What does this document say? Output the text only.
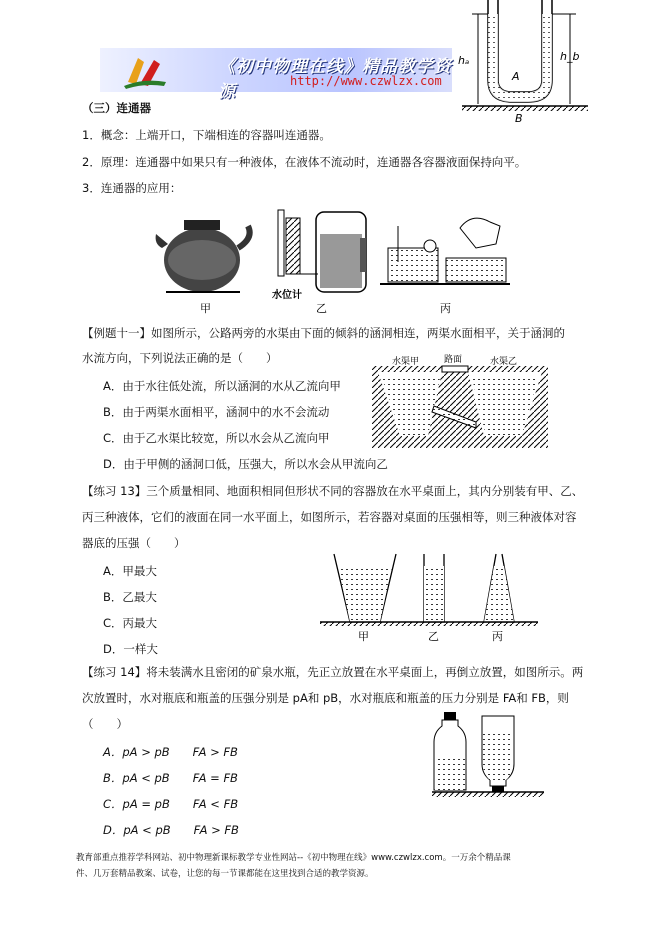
《初中物理在线》精品教学资源
http://www.czwlzx.com
hₐ	h_b
A
B
（三）连通器
1．概念：上端开口，下端相连的容器叫连通器。
2．原理：连通器中如果只有一种液体，在液体不流动时，连通器各容器液面保持向平。
3．连通器的应用：
甲
水位计
乙	丙
【例题十一】如图所示，公路两旁的水渠由下面的倾斜的涵洞相连，两渠水面相平，关于涵洞的
水流方向，下列说法正确的是（　　）
A．由于水往低处流，所以涵洞的水从乙流向甲
B．由于两渠水面相平，涵洞中的水不会流动
C．由于乙水渠比较宽，所以水会从乙流向甲
D．由于甲侧的涵洞口低，压强大，所以水会从甲流向乙
水渠甲	路面	水渠乙
【练习 13】三个质量相同、地面积相同但形状不同的容器放在水平桌面上，其内分别装有甲、乙、
丙三种液体，它们的液面在同一水平面上，如图所示，若容器对桌面的压强相等，则三种液体对容
器底的压强（　　）
A．甲最大
B．乙最大
C．丙最大
D．一样大
甲	乙	丙
【练习 14】将未装满水且密闭的矿泉水瓶，先正立放置在水平桌面上，再倒立放置，如图所示。两
次放置时，水对瓶底和瓶盖的压强分别是 pA和 pB，水对瓶底和瓶盖的压力分别是 FA和 FB，则
（　　）
A．pA > pB　　FA > FB
B．pA < pB　　FA = FB
C．pA = pB　　FA < FB
D．pA < pB　　FA > FB
教育部重点推荐学科网站、初中物理新课标教学专业性网站--《初中物理在线》www.czwlzx.com。一万余个精品课
件、几万套精品教案、试卷，让您的每一节课都能在这里找到合适的教学资源。
